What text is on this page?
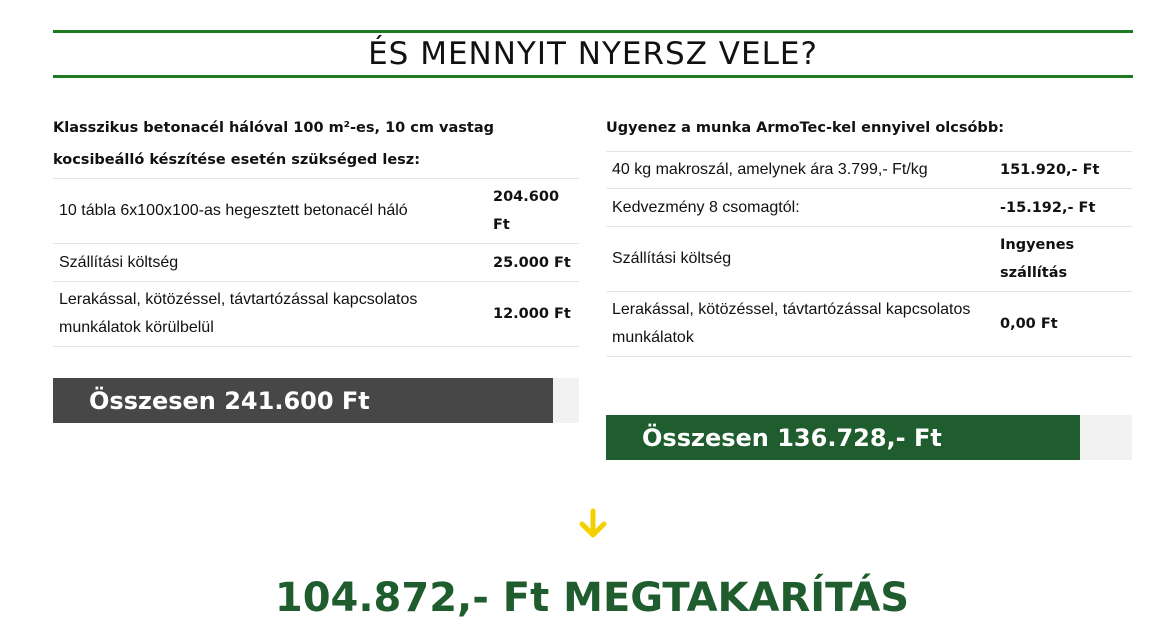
ÉS MENNYIT NYERSZ VELE?

Klasszikus betonacél hálóval 100 m²-es, 10 cm vastag kocsibeálló készítése esetén szükséged lesz:

10 tábla 6x100x100-as hegesztett betonacél háló	204.600 Ft
Szállítási költség	25.000 Ft
Lerakással, kötözéssel, távtartózással kapcsolatos munkálatok körülbelül	12.000 Ft

Ugyenez a munka ArmoTec-kel ennyivel olcsóbb:

40 kg makroszál, amelynek ára 3.799,- Ft/kg	151.920,- Ft
Kedvezmény 8 csomagtól:	-15.192,- Ft
Szállítási költség	Ingyenes szállítás
Lerakással, kötözéssel, távtartózással kapcsolatos munkálatok	0,00 Ft
Összesen 241.600 Ft
Összesen 136.728,- Ft
104.872,- Ft MEGTAKARÍTÁS
